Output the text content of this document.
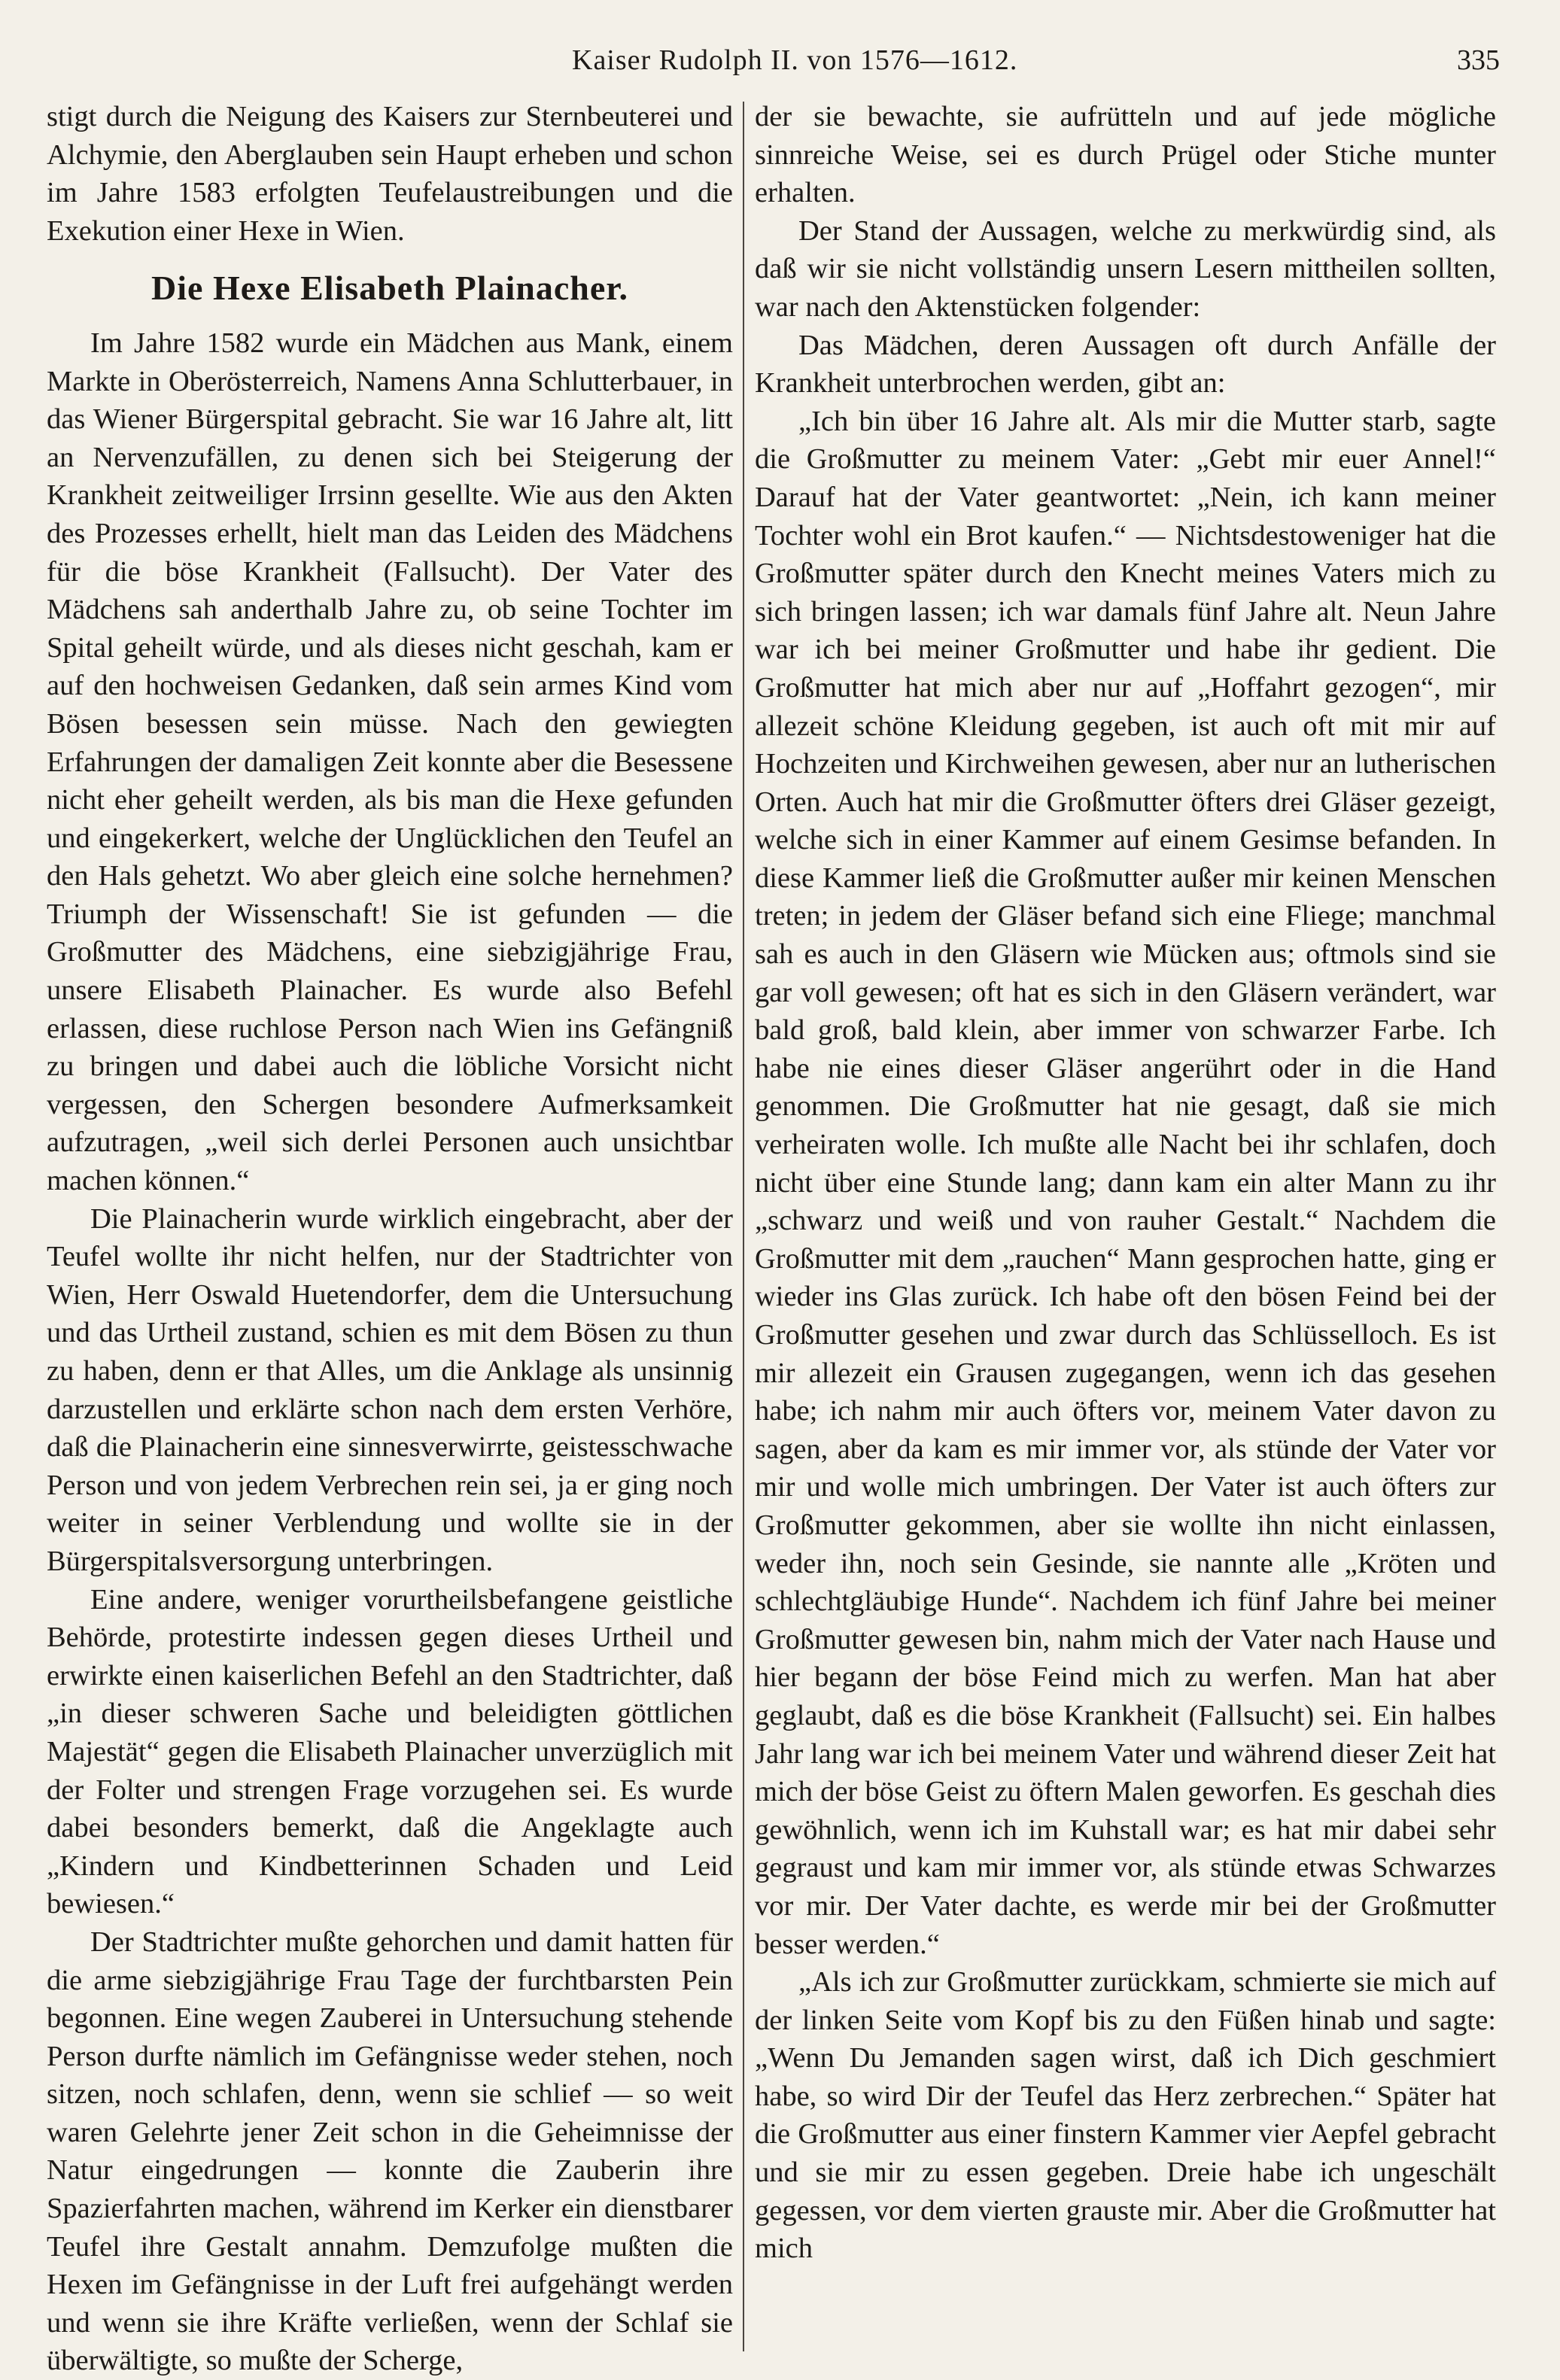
Kaiser Rudolph II. von 1576—1612.	335

stigt durch die Neigung des Kaisers zur Sternbeuterei und Alchymie, den Aberglauben sein Haupt erheben und schon im Jahre 1583 erfolgten Teufelaustreibungen und die Exekution einer Hexe in Wien.

Die Hexe Elisabeth Plainacher.

Im Jahre 1582 wurde ein Mädchen aus Mank, einem Markte in Oberösterreich, Namens Anna Schlutterbauer, in das Wiener Bürgerspital gebracht. Sie war 16 Jahre alt, litt an Nervenzufällen, zu denen sich bei Steigerung der Krankheit zeitweiliger Irrsinn gesellte. Wie aus den Akten des Prozesses erhellt, hielt man das Leiden des Mädchens für die böse Krankheit (Fallsucht). Der Vater des Mädchens sah anderthalb Jahre zu, ob seine Tochter im Spital geheilt würde, und als dieses nicht geschah, kam er auf den hochweisen Gedanken, daß sein armes Kind vom Bösen besessen sein müsse. Nach den gewiegten Erfahrungen der damaligen Zeit konnte aber die Besessene nicht eher geheilt werden, als bis man die Hexe gefunden und eingekerkert, welche der Unglücklichen den Teufel an den Hals gehetzt. Wo aber gleich eine solche hernehmen? Triumph der Wissenschaft! Sie ist gefunden — die Großmutter des Mädchens, eine siebzigjährige Frau, unsere Elisabeth Plainacher. Es wurde also Befehl erlassen, diese ruchlose Person nach Wien ins Gefängniß zu bringen und dabei auch die löbliche Vorsicht nicht vergessen, den Schergen besondere Aufmerksamkeit aufzutragen, „weil sich derlei Personen auch unsichtbar machen können.“

Die Plainacherin wurde wirklich eingebracht, aber der Teufel wollte ihr nicht helfen, nur der Stadtrichter von Wien, Herr Oswald Huetendorfer, dem die Untersuchung und das Urtheil zustand, schien es mit dem Bösen zu thun zu haben, denn er that Alles, um die Anklage als unsinnig darzustellen und erklärte schon nach dem ersten Verhöre, daß die Plainacherin eine sinnesverwirrte, geistesschwache Person und von jedem Verbrechen rein sei, ja er ging noch weiter in seiner Verblendung und wollte sie in der Bürgerspitalsversorgung unterbringen.

Eine andere, weniger vorurtheilsbefangene geistliche Behörde, protestirte indessen gegen dieses Urtheil und erwirkte einen kaiserlichen Befehl an den Stadtrichter, daß „in dieser schweren Sache und beleidigten göttlichen Majestät“ gegen die Elisabeth Plainacher unverzüglich mit der Folter und strengen Frage vorzugehen sei. Es wurde dabei besonders bemerkt, daß die Angeklagte auch „Kindern und Kindbetterinnen Schaden und Leid bewiesen.“

Der Stadtrichter mußte gehorchen und damit hatten für die arme siebzigjährige Frau Tage der furchtbarsten Pein begonnen. Eine wegen Zauberei in Untersuchung stehende Person durfte nämlich im Gefängnisse weder stehen, noch sitzen, noch schlafen, denn, wenn sie schlief — so weit waren Gelehrte jener Zeit schon in die Geheimnisse der Natur eingedrungen — konnte die Zauberin ihre Spazierfahrten machen, während im Kerker ein dienstbarer Teufel ihre Gestalt annahm. Demzufolge mußten die Hexen im Gefängnisse in der Luft frei aufgehängt werden und wenn sie ihre Kräfte verließen, wenn der Schlaf sie überwältigte, so mußte der Scherge,

der sie bewachte, sie aufrütteln und auf jede mögliche sinnreiche Weise, sei es durch Prügel oder Stiche munter erhalten.

Der Stand der Aussagen, welche zu merkwürdig sind, als daß wir sie nicht vollständig unsern Lesern mittheilen sollten, war nach den Aktenstücken folgender:

Das Mädchen, deren Aussagen oft durch Anfälle der Krankheit unterbrochen werden, gibt an:

„Ich bin über 16 Jahre alt. Als mir die Mutter starb, sagte die Großmutter zu meinem Vater: „Gebt mir euer Annel!“ Darauf hat der Vater geantwortet: „Nein, ich kann meiner Tochter wohl ein Brot kaufen.“ — Nichtsdestoweniger hat die Großmutter später durch den Knecht meines Vaters mich zu sich bringen lassen; ich war damals fünf Jahre alt. Neun Jahre war ich bei meiner Großmutter und habe ihr gedient. Die Großmutter hat mich aber nur auf „Hoffahrt gezogen“, mir allezeit schöne Kleidung gegeben, ist auch oft mit mir auf Hochzeiten und Kirchweihen gewesen, aber nur an lutherischen Orten. Auch hat mir die Großmutter öfters drei Gläser gezeigt, welche sich in einer Kammer auf einem Gesimse befanden. In diese Kammer ließ die Großmutter außer mir keinen Menschen treten; in jedem der Gläser befand sich eine Fliege; manchmal sah es auch in den Gläsern wie Mücken aus; oftmols sind sie gar voll gewesen; oft hat es sich in den Gläsern verändert, war bald groß, bald klein, aber immer von schwarzer Farbe. Ich habe nie eines dieser Gläser angerührt oder in die Hand genommen. Die Großmutter hat nie gesagt, daß sie mich verheiraten wolle. Ich mußte alle Nacht bei ihr schlafen, doch nicht über eine Stunde lang; dann kam ein alter Mann zu ihr „schwarz und weiß und von rauher Gestalt.“ Nachdem die Großmutter mit dem „rauchen“ Mann gesprochen hatte, ging er wieder ins Glas zurück. Ich habe oft den bösen Feind bei der Großmutter gesehen und zwar durch das Schlüsselloch. Es ist mir allezeit ein Grausen zugegangen, wenn ich das gesehen habe; ich nahm mir auch öfters vor, meinem Vater davon zu sagen, aber da kam es mir immer vor, als stünde der Vater vor mir und wolle mich umbringen. Der Vater ist auch öfters zur Großmutter gekommen, aber sie wollte ihn nicht einlassen, weder ihn, noch sein Gesinde, sie nannte alle „Kröten und schlechtgläubige Hunde“. Nachdem ich fünf Jahre bei meiner Großmutter gewesen bin, nahm mich der Vater nach Hause und hier begann der böse Feind mich zu werfen. Man hat aber geglaubt, daß es die böse Krankheit (Fallsucht) sei. Ein halbes Jahr lang war ich bei meinem Vater und während dieser Zeit hat mich der böse Geist zu öftern Malen geworfen. Es geschah dies gewöhnlich, wenn ich im Kuhstall war; es hat mir dabei sehr gegraust und kam mir immer vor, als stünde etwas Schwarzes vor mir. Der Vater dachte, es werde mir bei der Großmutter besser werden.“

„Als ich zur Großmutter zurückkam, schmierte sie mich auf der linken Seite vom Kopf bis zu den Füßen hinab und sagte: „Wenn Du Jemanden sagen wirst, daß ich Dich geschmiert habe, so wird Dir der Teufel das Herz zerbrechen.“ Später hat die Großmutter aus einer finstern Kammer vier Aepfel gebracht und sie mir zu essen gegeben. Dreie habe ich ungeschält gegessen, vor dem vierten grauste mir. Aber die Großmutter hat mich
